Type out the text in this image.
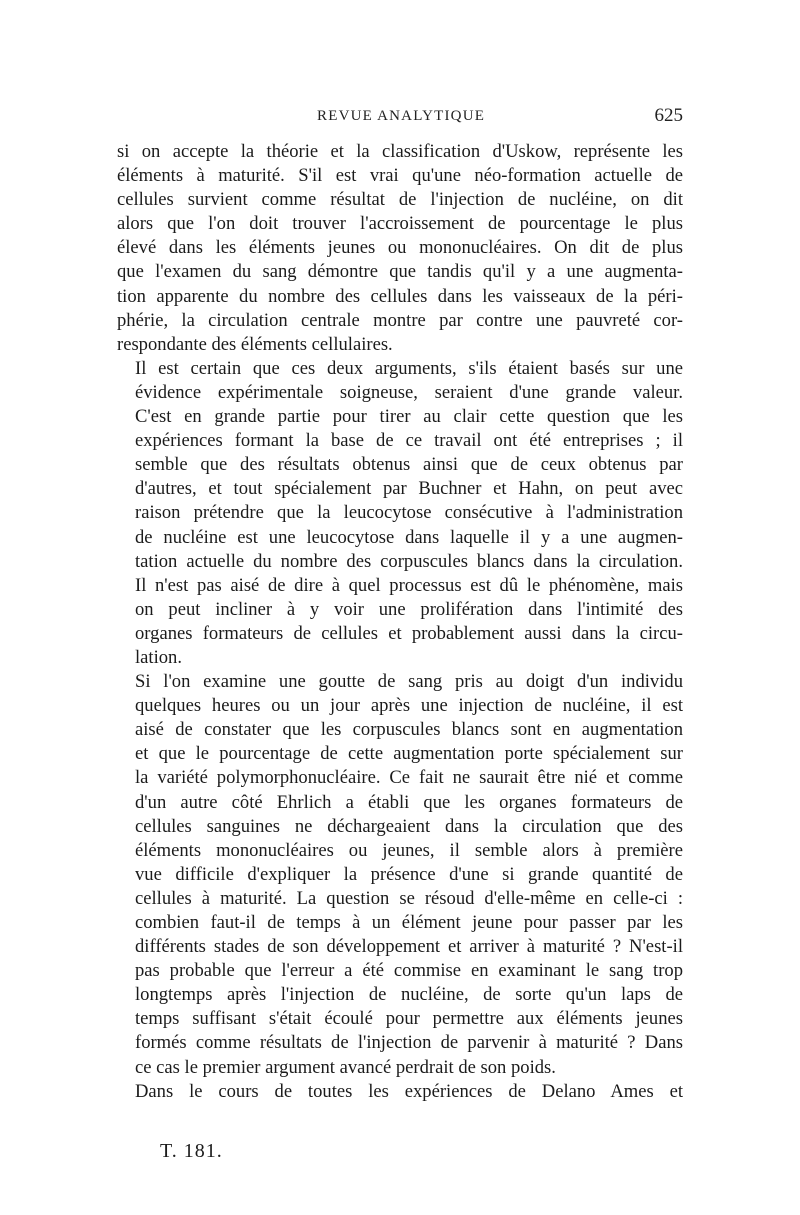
REVUE ANALYTIQUE	625

si on accepte la théorie et la classification d'Uskow, représente les
éléments à maturité. S'il est vrai qu'une néo-formation actuelle de
cellules survient comme résultat de l'injection de nucléine, on dit
alors que l'on doit trouver l'accroissement de pourcentage le plus
élevé dans les éléments jeunes ou mononucléaires. On dit de plus
que l'examen du sang démontre que tandis qu'il y a une augmenta-
tion apparente du nombre des cellules dans les vaisseaux de la péri-
phérie, la circulation centrale montre par contre une pauvreté cor-
respondante des éléments cellulaires.

Il est certain que ces deux arguments, s'ils étaient basés sur une
évidence expérimentale soigneuse, seraient d'une grande valeur.
C'est en grande partie pour tirer au clair cette question que les
expériences formant la base de ce travail ont été entreprises ; il
semble que des résultats obtenus ainsi que de ceux obtenus par
d'autres, et tout spécialement par Buchner et Hahn, on peut avec
raison prétendre que la leucocytose consécutive à l'administration
de nucléine est une leucocytose dans laquelle il y a une augmen-
tation actuelle du nombre des corpuscules blancs dans la circulation.
Il n'est pas aisé de dire à quel processus est dû le phénomène, mais
on peut incliner à y voir une prolifération dans l'intimité des
organes formateurs de cellules et probablement aussi dans la circu-
lation.

Si l'on examine une goutte de sang pris au doigt d'un individu
quelques heures ou un jour après une injection de nucléine, il est
aisé de constater que les corpuscules blancs sont en augmentation
et que le pourcentage de cette augmentation porte spécialement sur
la variété polymorphonucléaire. Ce fait ne saurait être nié et comme
d'un autre côté Ehrlich a établi que les organes formateurs de
cellules sanguines ne déchargeaient dans la circulation que des
éléments mononucléaires ou jeunes, il semble alors à première
vue difficile d'expliquer la présence d'une si grande quantité de
cellules à maturité. La question se résoud d'elle-même en celle-ci :
combien faut-il de temps à un élément jeune pour passer par les
différents stades de son développement et arriver à maturité ? N'est-il
pas probable que l'erreur a été commise en examinant le sang trop
longtemps après l'injection de nucléine, de sorte qu'un laps de
temps suffisant s'était écoulé pour permettre aux éléments jeunes
formés comme résultats de l'injection de parvenir à maturité ? Dans
ce cas le premier argument avancé perdrait de son poids.

Dans le cours de toutes les expériences de Delano Ames et

T. 181.
